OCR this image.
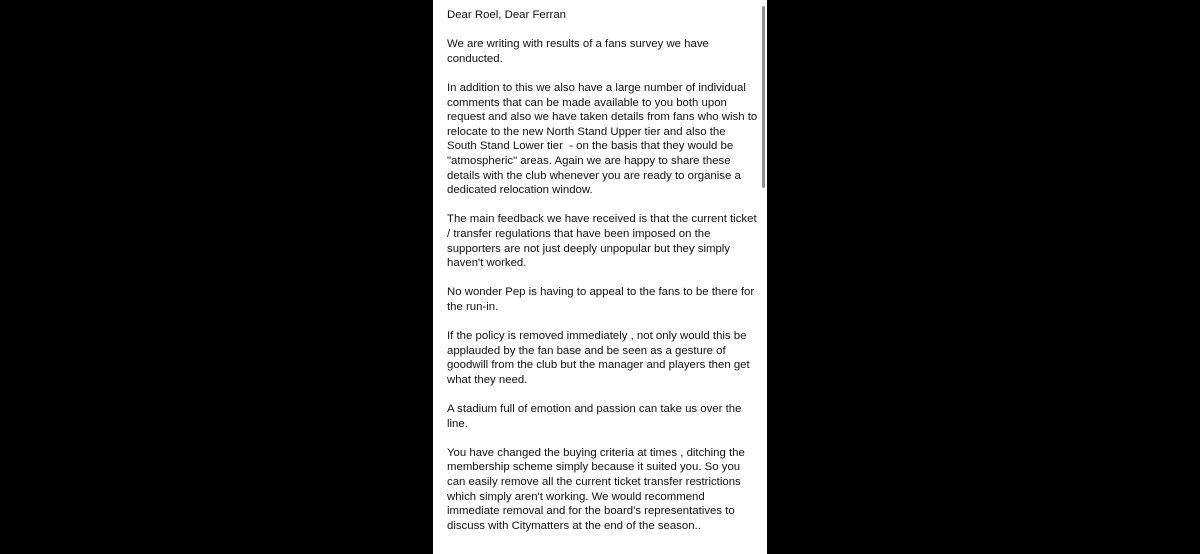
Dear Roel, Dear Ferran

We are writing with results of a fans survey we have
conducted.

In addition to this we also have a large number of individual
comments that can be made available to you both upon
request and also we have taken details from fans who wish to
relocate to the new North Stand Upper tier and also the
South Stand Lower tier  - on the basis that they would be
"atmospheric" areas. Again we are happy to share these
details with the club whenever you are ready to organise a
dedicated relocation window.

The main feedback we have received is that the current ticket
/ transfer regulations that have been imposed on the
supporters are not just deeply unpopular but they simply
haven't worked.

No wonder Pep is having to appeal to the fans to be there for
the run-in.

If the policy is removed immediately , not only would this be
applauded by the fan base and be seen as a gesture of
goodwill from the club but the manager and players then get
what they need.

A stadium full of emotion and passion can take us over the
line.

You have changed the buying criteria at times , ditching the
membership scheme simply because it suited you. So you
can easily remove all the current ticket transfer restrictions
which simply aren't working. We would recommend
immediate removal and for the board's representatives to
discuss with Citymatters at the end of the season..
